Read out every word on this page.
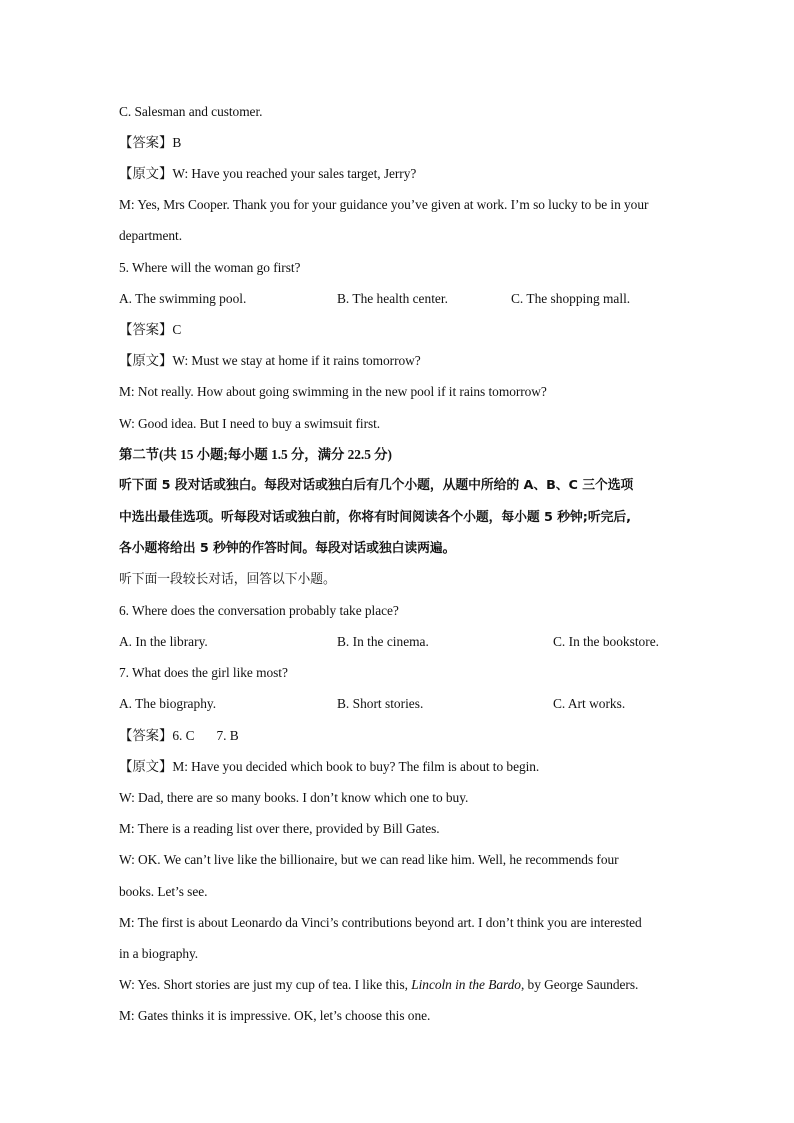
C. Salesman and customer.
【答案】B
【原文】W: Have you reached your sales target, Jerry?
M: Yes, Mrs Cooper. Thank you for your guidance you’ve given at work. I’m so lucky to be in your
department.
5. Where will the woman go first?
A. The swimming pool.	B. The health center.	C. The shopping mall.
【答案】C
【原文】W: Must we stay at home if it rains tomorrow?
M: Not really. How about going swimming in the new pool if it rains tomorrow?
W: Good idea. But I need to buy a swimsuit first.
第二节(共 15 小题;每小题 1.5 分，满分 22.5 分)
听下面 5 段对话或独白。每段对话或独白后有几个小题，从题中所给的 A、B、C 三个选项
中选出最佳选项。听每段对话或独白前，你将有时间阅读各个小题，每小题 5 秒钟;听完后,
各小题将给出 5 秒钟的作答时间。每段对话或独白读两遍。
听下面一段较长对话，回答以下小题。
6. Where does the conversation probably take place?
A. In the library.	B. In the cinema.	C. In the bookstore.
7. What does the girl like most?
A. The biography.	B. Short stories.	C. Art works.
【答案】6. C 7. B
【原文】M: Have you decided which book to buy? The film is about to begin.
W: Dad, there are so many books. I don’t know which one to buy.
M: There is a reading list over there, provided by Bill Gates.
W: OK. We can’t live like the billionaire, but we can read like him. Well, he recommends four
books. Let’s see.
M: The first is about Leonardo da Vinci’s contributions beyond art. I don’t think you are interested
in a biography.
W: Yes. Short stories are just my cup of tea. I like this, Lincoln in the Bardo, by George Saunders.
M: Gates thinks it is impressive. OK, let’s choose this one.
